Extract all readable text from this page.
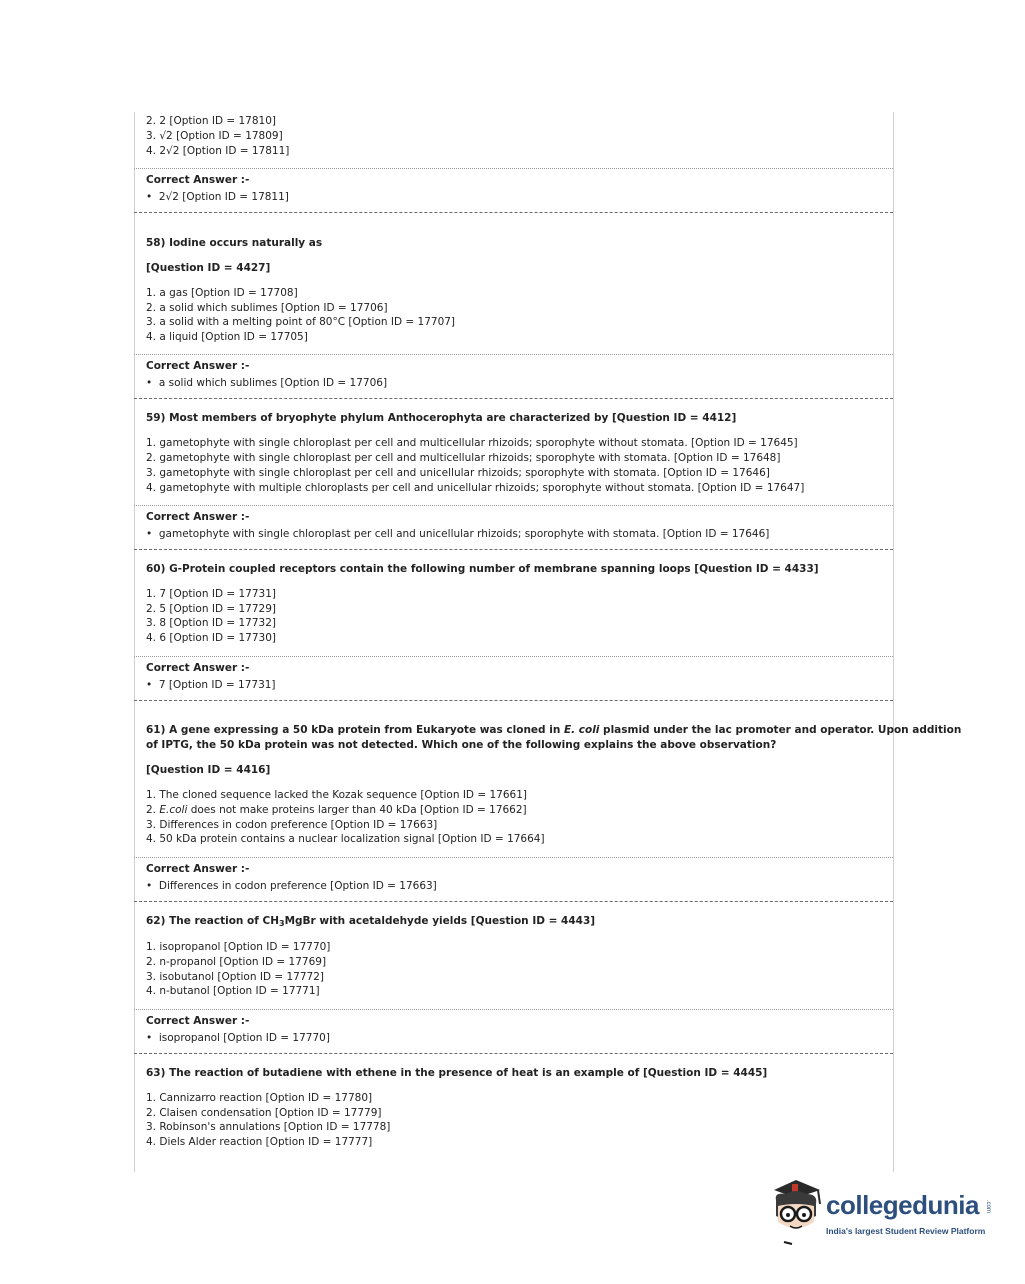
2. 2 [Option ID = 17810]
3. √2 [Option ID = 17809]
4. 2√2 [Option ID = 17811]
Correct Answer :-
•  2√2 [Option ID = 17811]
58) Iodine occurs naturally as
[Question ID = 4427]
1. a gas [Option ID = 17708]
2. a solid which sublimes [Option ID = 17706]
3. a solid with a melting point of 80°C [Option ID = 17707]
4. a liquid [Option ID = 17705]
Correct Answer :-
•  a solid which sublimes [Option ID = 17706]
59) Most members of bryophyte phylum Anthocerophyta are characterized by [Question ID = 4412]
1. gametophyte with single chloroplast per cell and multicellular rhizoids; sporophyte without stomata. [Option ID = 17645]
2. gametophyte with single chloroplast per cell and multicellular rhizoids; sporophyte with stomata. [Option ID = 17648]
3. gametophyte with single chloroplast per cell and unicellular rhizoids; sporophyte with stomata. [Option ID = 17646]
4. gametophyte with multiple chloroplasts per cell and unicellular rhizoids; sporophyte without stomata. [Option ID = 17647]
Correct Answer :-
•  gametophyte with single chloroplast per cell and unicellular rhizoids; sporophyte with stomata. [Option ID = 17646]
60) G-Protein coupled receptors contain the following number of membrane spanning loops [Question ID = 4433]
1. 7 [Option ID = 17731]
2. 5 [Option ID = 17729]
3. 8 [Option ID = 17732]
4. 6 [Option ID = 17730]
Correct Answer :-
•  7 [Option ID = 17731]
61) A gene expressing a 50 kDa protein from Eukaryote was cloned in E. coli plasmid under the lac promoter and operator. Upon addition
of IPTG, the 50 kDa protein was not detected. Which one of the following explains the above observation?
[Question ID = 4416]
1. The cloned sequence lacked the Kozak sequence [Option ID = 17661]
2. E.coli does not make proteins larger than 40 kDa [Option ID = 17662]
3. Differences in codon preference [Option ID = 17663]
4. 50 kDa protein contains a nuclear localization signal [Option ID = 17664]
Correct Answer :-
•  Differences in codon preference [Option ID = 17663]
62) The reaction of $CH_3MgBr$ with acetaldehyde yields [Question ID = 4443]
1. isopropanol [Option ID = 17770]
2. n-propanol [Option ID = 17769]
3. isobutanol [Option ID = 17772]
4. n-butanol [Option ID = 17771]
Correct Answer :-
•  isopropanol [Option ID = 17770]
63) The reaction of butadiene with ethene in the presence of heat is an example of [Question ID = 4445]
1. Cannizarro reaction [Option ID = 17780]
2. Claisen condensation [Option ID = 17779]
3. Robinson's annulations [Option ID = 17778]
4. Diels Alder reaction [Option ID = 17777]
collegedunia .com
India's largest Student Review Platform
